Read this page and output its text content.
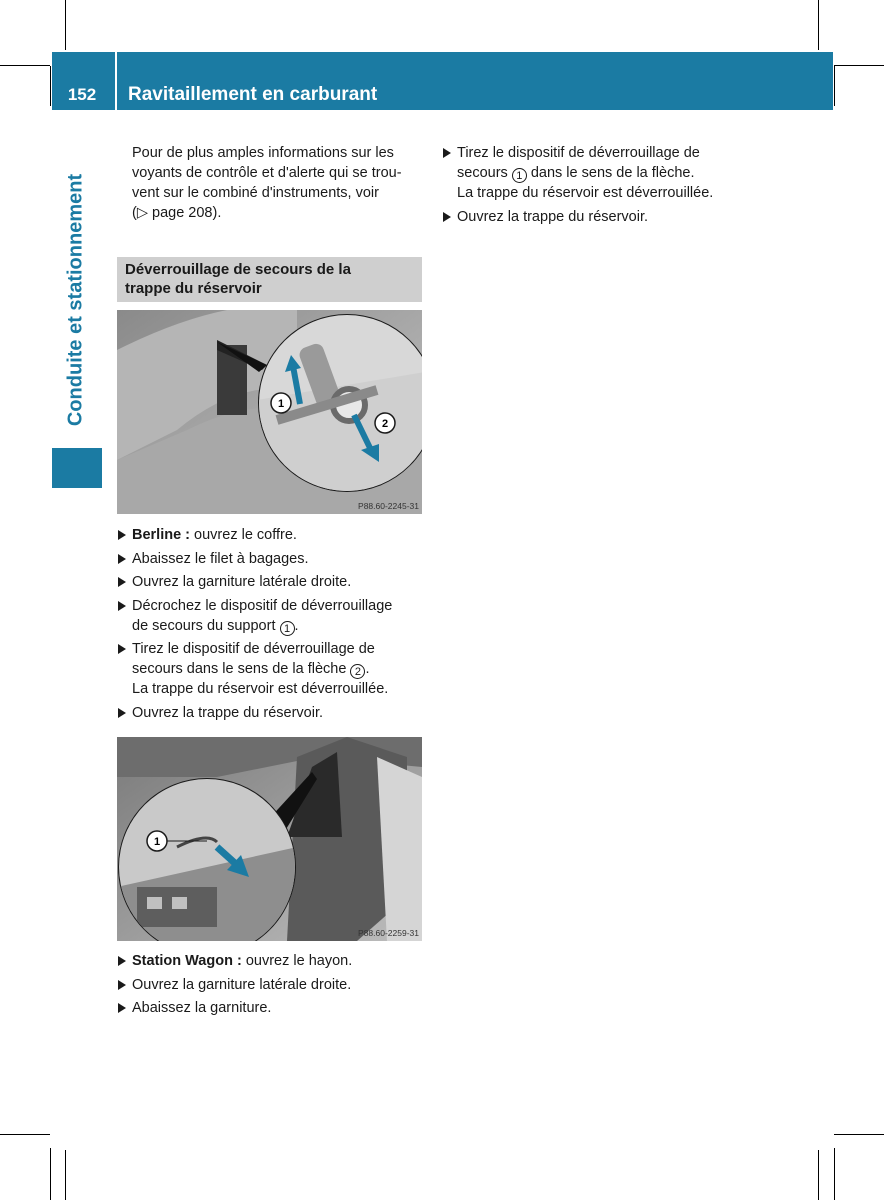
152	Ravitaillement en carburant
Conduite et stationnement
Pour de plus amples informations sur les
voyants de contrôle et d'alerte qui se trou-
vent sur le combiné d'instruments, voir
(▷ page 208).
Déverrouillage de secours de la
trappe du réservoir
1
2
P88.60-2245-31
Berline : ouvrez le coffre.
Abaissez le filet à bagages.
Ouvrez la garniture latérale droite.
Décrochez le dispositif de déverrouillage
de secours du support 1 .
Tirez le dispositif de déverrouillage de
secours dans le sens de la flèche 2 .
La trappe du réservoir est déverrouillée.
Ouvrez la trappe du réservoir.
1
P88.60-2259-31
Station Wagon : ouvrez le hayon.
Ouvrez la garniture latérale droite.
Abaissez la garniture.
Tirez le dispositif de déverrouillage de
secours 1 dans le sens de la flèche.
La trappe du réservoir est déverrouillée.
Ouvrez la trappe du réservoir.
